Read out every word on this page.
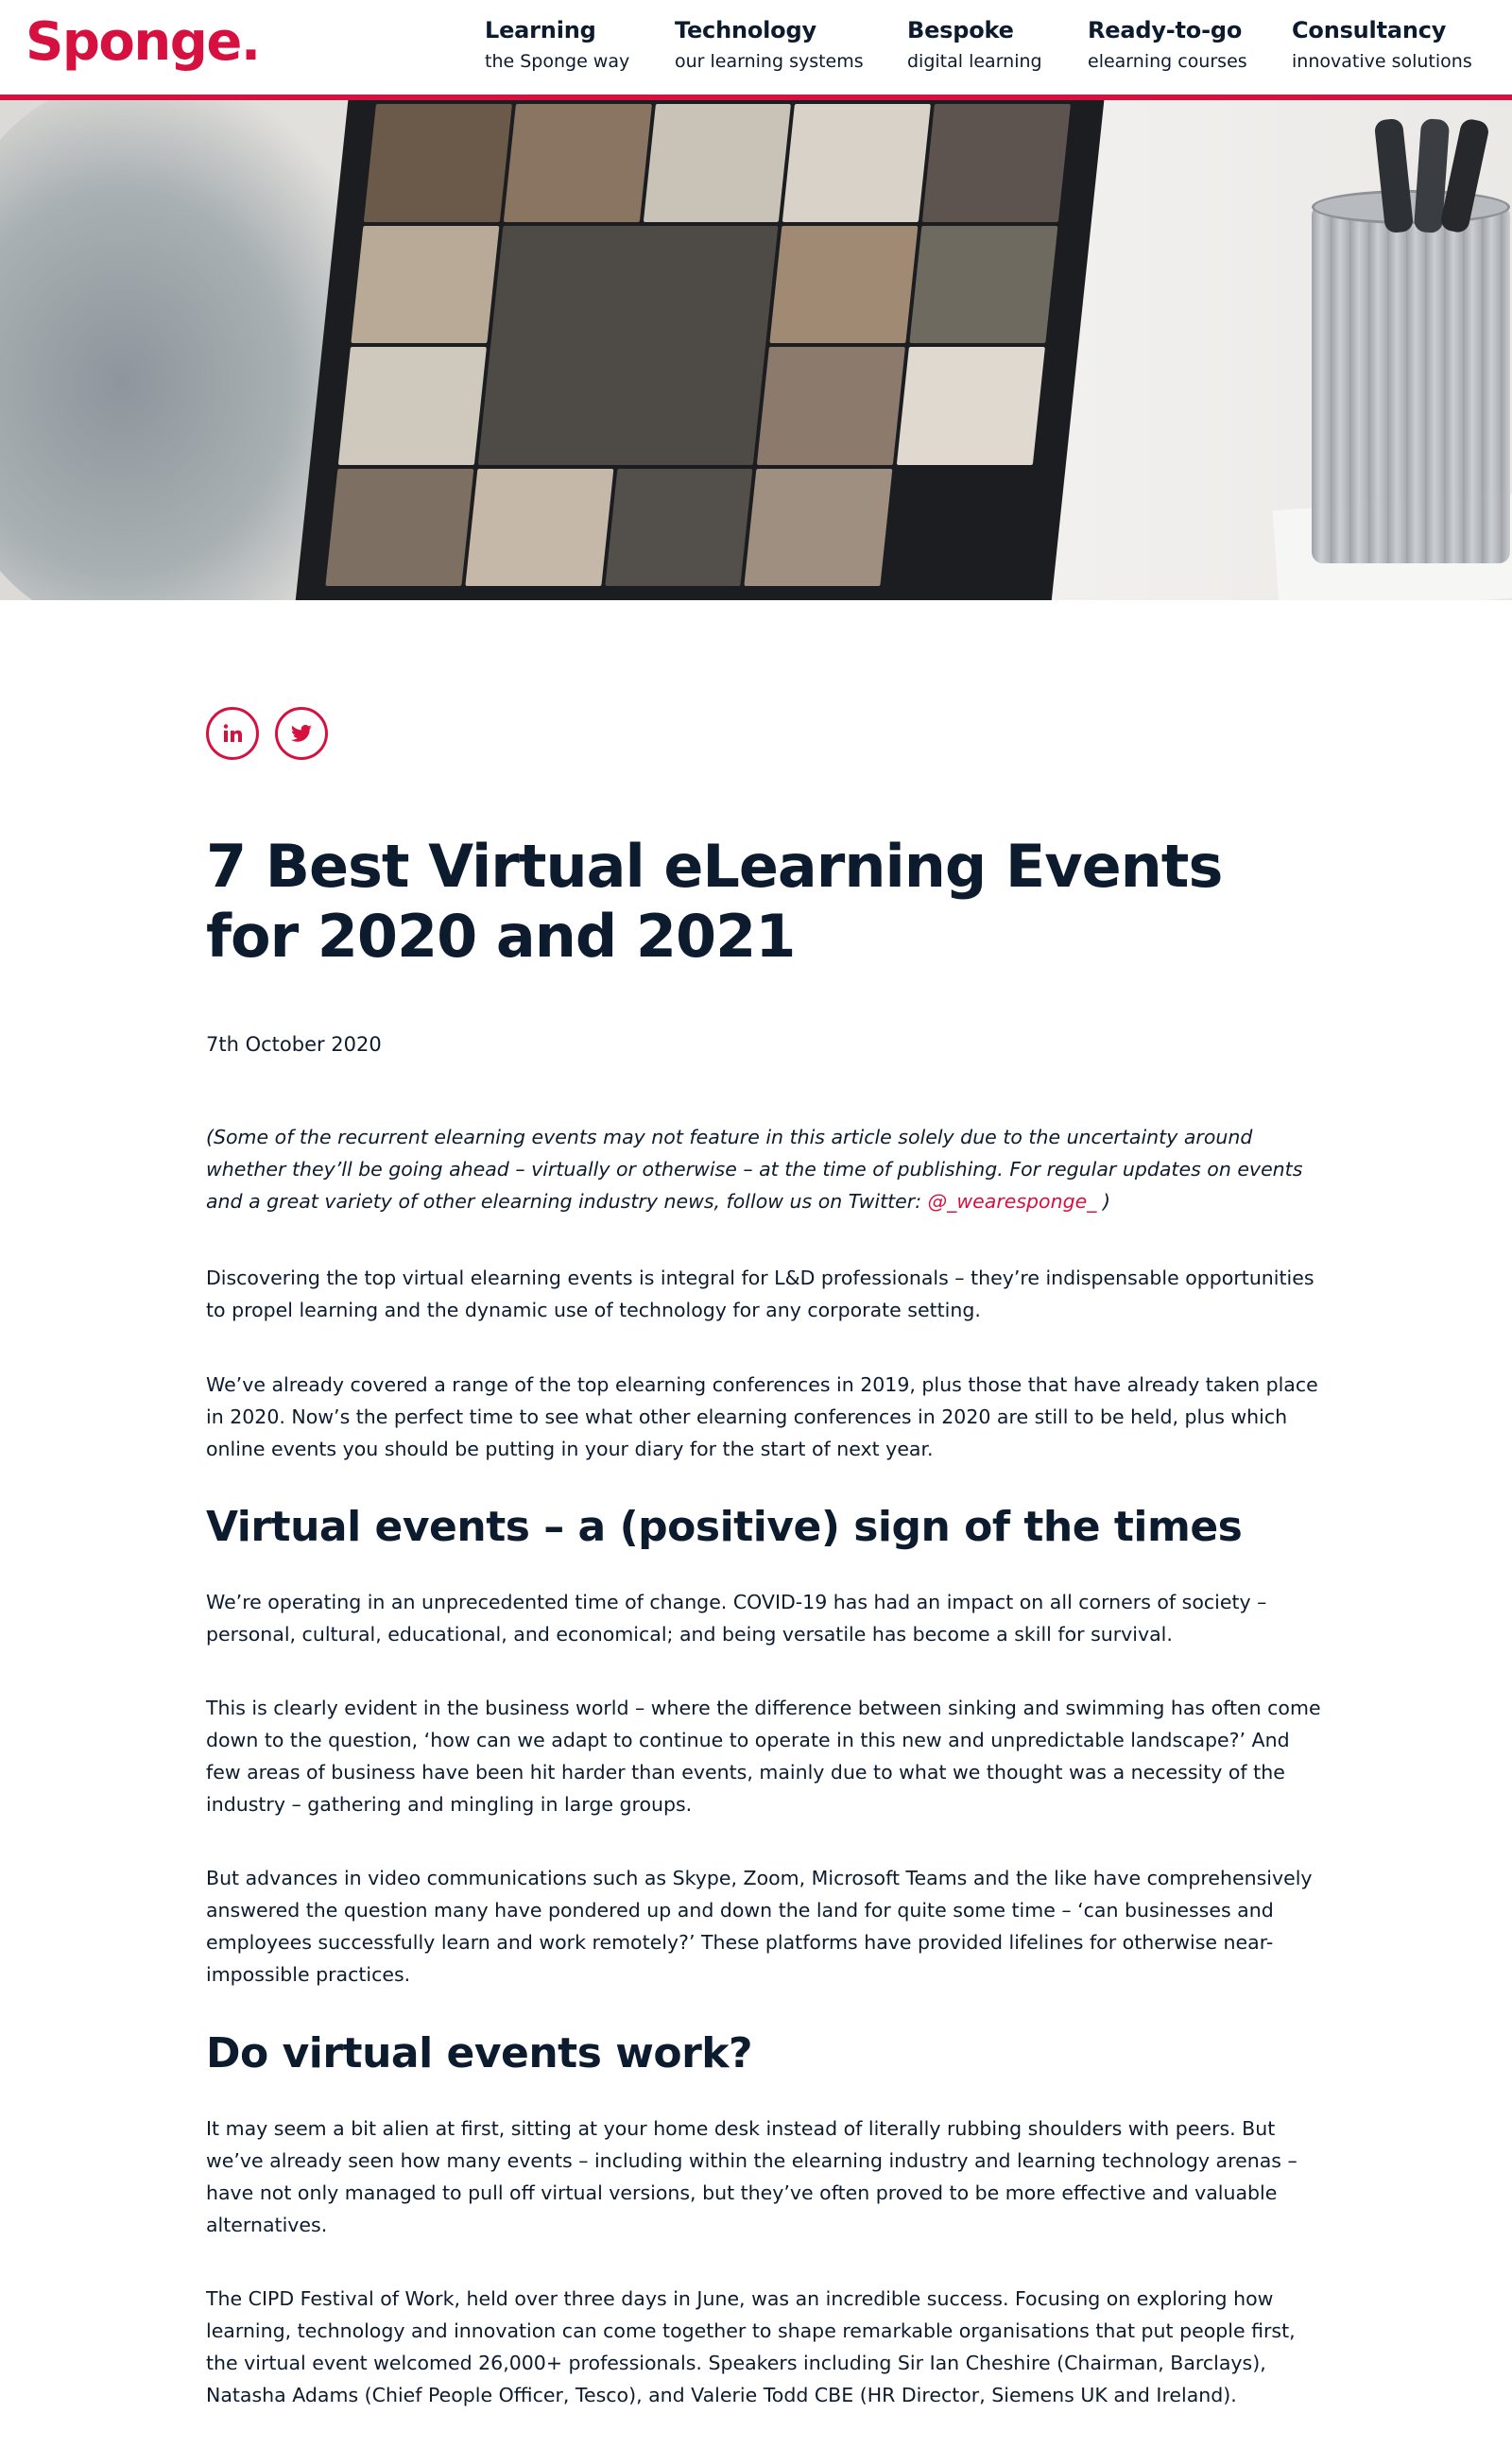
Sponge.	Learning
the Sponge way
Technology
our learning systems
Bespoke
digital learning
Ready-to-go
elearning courses
Consultancy
innovative solutions
7 Best Virtual eLearning Events for 2020 and 2021
7th October 2020

(Some of the recurrent elearning events may not feature in this article solely due to the uncertainty around whether they’ll be going ahead – virtually or otherwise – at the time of publishing. For regular updates on events and a great variety of other elearning industry news, follow us on Twitter: @_wearesponge_ )

Discovering the top virtual elearning events is integral for L&D professionals – they’re indispensable opportunities to propel learning and the dynamic use of technology for any corporate setting.

We’ve already covered a range of the top elearning conferences in 2019, plus those that have already taken place in 2020. Now’s the perfect time to see what other elearning conferences in 2020 are still to be held, plus which online events you should be putting in your diary for the start of next year.

Virtual events – a (positive) sign of the times

We’re operating in an unprecedented time of change. COVID-19 has had an impact on all corners of society – personal, cultural, educational, and economical; and being versatile has become a skill for survival.

This is clearly evident in the business world – where the difference between sinking and swimming has often come down to the question, ‘how can we adapt to continue to operate in this new and unpredictable landscape?’ And few areas of business have been hit harder than events, mainly due to what we thought was a necessity of the industry – gathering and mingling in large groups.

But advances in video communications such as Skype, Zoom, Microsoft Teams and the like have comprehensively answered the question many have pondered up and down the land for quite some time – ‘can businesses and employees successfully learn and work remotely?’ These platforms have provided lifelines for otherwise near-impossible practices.

Do virtual events work?

It may seem a bit alien at first, sitting at your home desk instead of literally rubbing shoulders with peers. But we’ve already seen how many events – including within the elearning industry and learning technology arenas – have not only managed to pull off virtual versions, but they’ve often proved to be more effective and valuable alternatives.

The CIPD Festival of Work, held over three days in June, was an incredible success. Focusing on exploring how learning, technology and innovation can come together to shape remarkable organisations that put people first, the virtual event welcomed 26,000+ professionals. Speakers including Sir Ian Cheshire (Chairman, Barclays), Natasha Adams (Chief People Officer, Tesco), and Valerie Todd CBE (HR Director, Siemens UK and Ireland).
